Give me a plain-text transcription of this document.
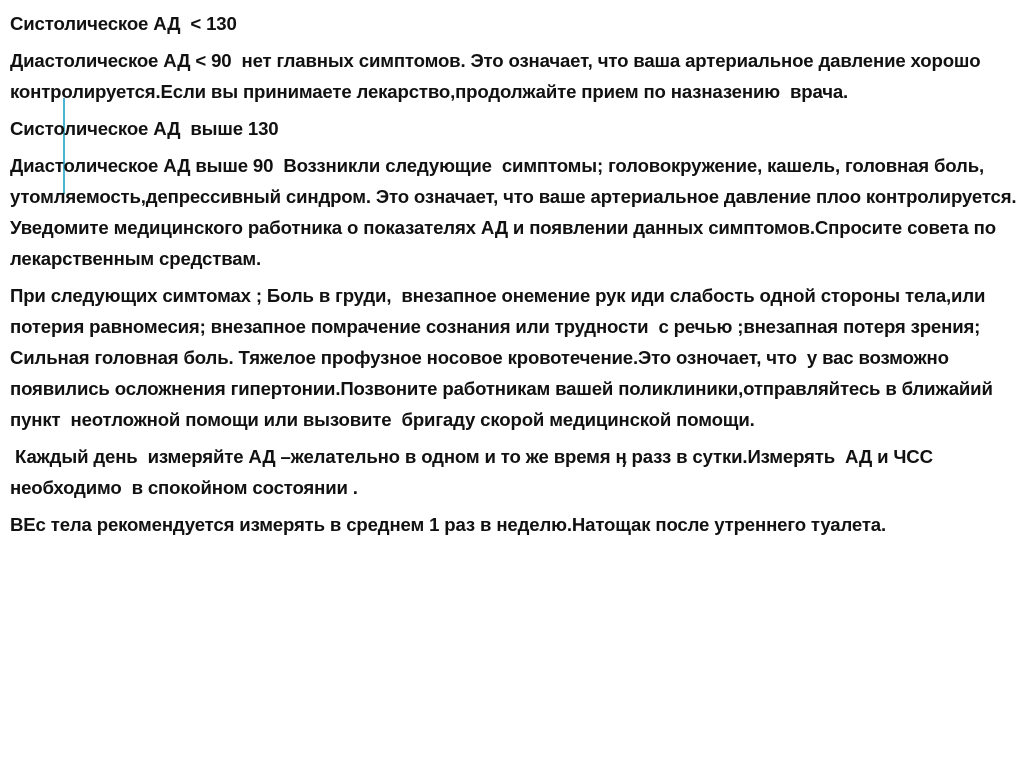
Систолическое АД  < 130

Диастолическое АД < 90  нет главных симптомов. Это означает, что ваша артериальное давление хорошо контролируется.Если вы принимаете лекарство,продолжайте прием по назназению  врача.

Систолическое АД  выше 130

Диастолическое АД выше 90  Воззникли следующие  симптомы; головокружение, кашель, головная боль, утомляемость,депрессивный синдром. Это означает, что ваше артериальное давление плоо контролируется. Уведомите медицинского работника о показателях АД и появлении данных симптомов.Спросите совета по лекарственным средствам.

При следующих симтомах ; Боль в груди,  внезапное онемение рук иди слабость одной стороны тела,или потерия равномесия; внезапное помрачение сознания или трудности  с речью ;внезапная потеря зрения; Сильная головная боль. Тяжелое профузное носовое кровотечение.Это озночает, что  у вас возможно появились осложнения гипертонии.Позвоните работникам вашей поликлиники,отправляйтесь в ближайий пункт  неотложной помощи или вызовите  бригаду скорой медицинской помощи.

Каждый день  измеряйте АД –желательно в одном и то же время ӊ разз в сутки.Измерять  АД и ЧСС необходимо  в спокойном состоянии .

ВЕс тела рекомендуется измерять в среднем 1 раз в неделю.Натощак после утреннего туалета.
